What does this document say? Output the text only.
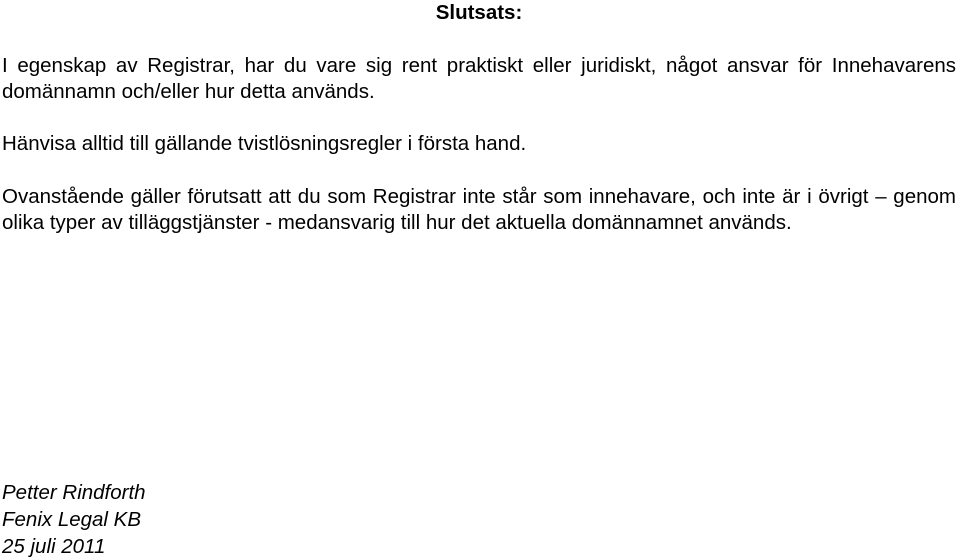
Slutsats:

I egenskap av Registrar, har du vare sig rent praktiskt eller juridiskt, något ansvar för Innehavarens domännamn och/eller hur detta används.

Hänvisa alltid till gällande tvistlösningsregler i första hand.

Ovanstående gäller förutsatt att du som Registrar inte står som innehavare, och inte är i övrigt – genom olika typer av tilläggstjänster - medansvarig till hur det aktuella domännamnet används.

Petter Rindforth
Fenix Legal KB
25 juli 2011
